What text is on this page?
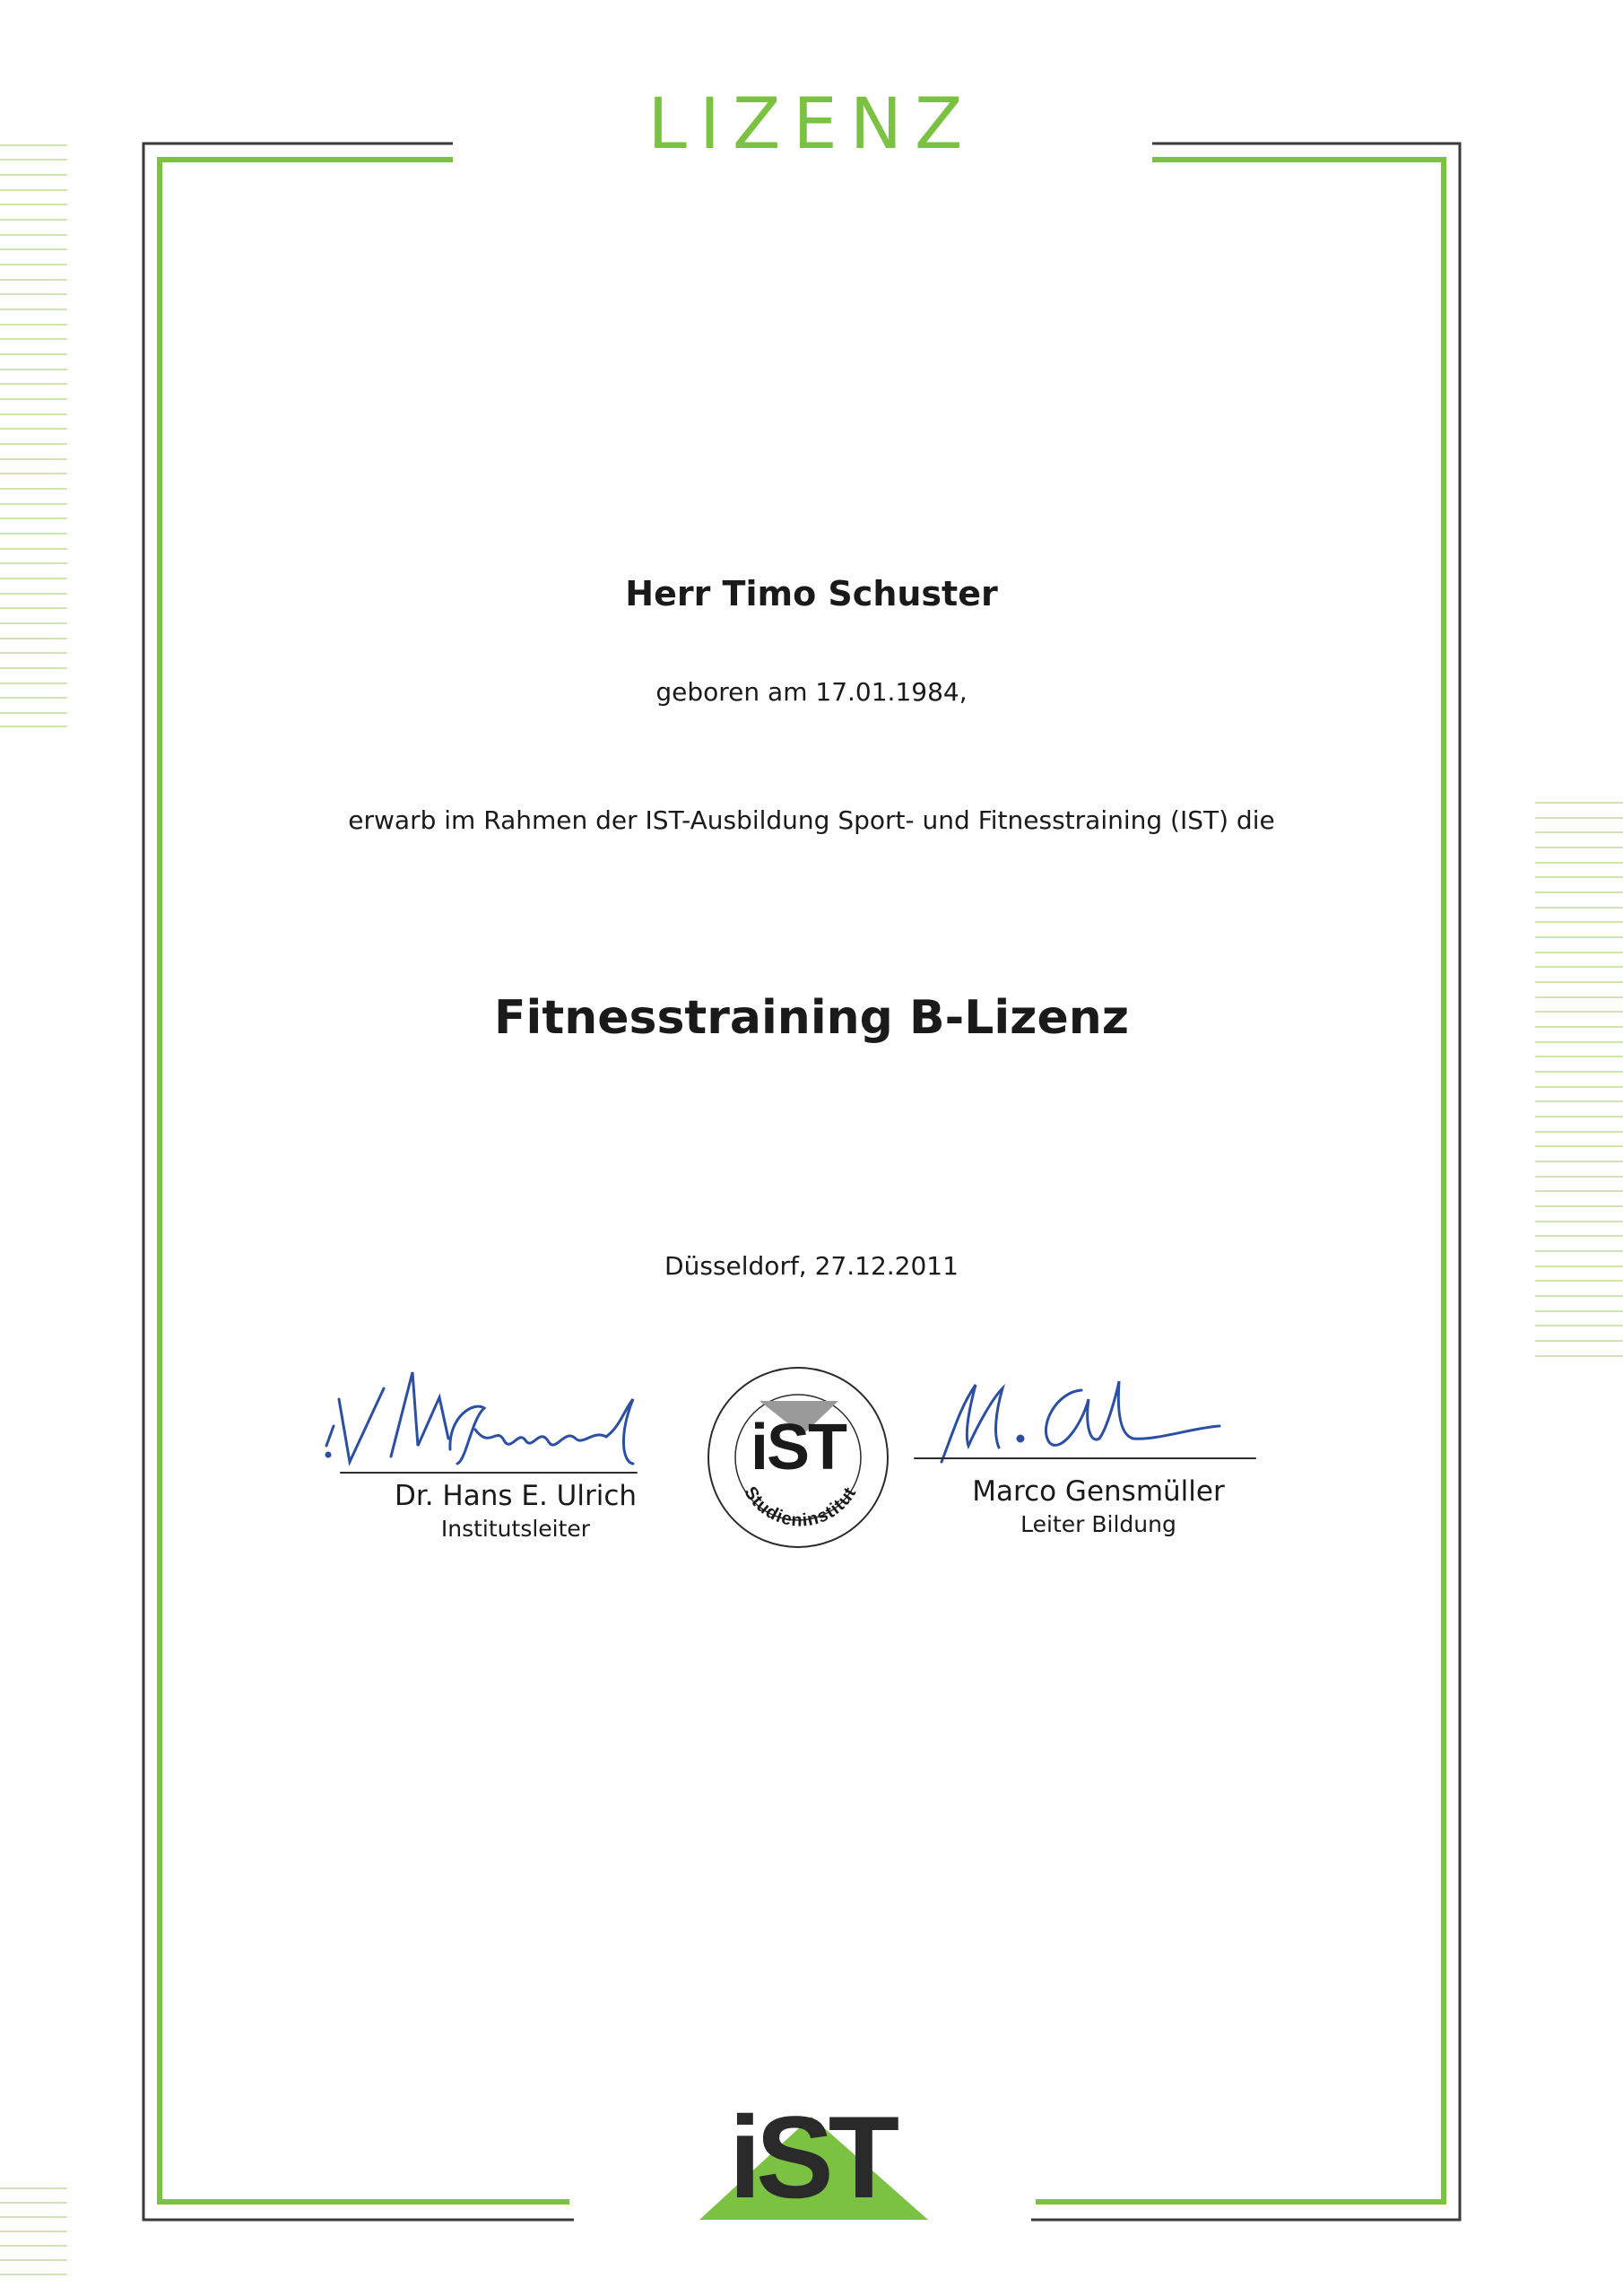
LIZENZ
Herr Timo Schuster
geboren am 17.01.1984,
erwarb im Rahmen der IST-Ausbildung Sport- und Fitnesstraining (IST) die
Fitnesstraining B-Lizenz
Düsseldorf, 27.12.2011
Dr. Hans E. Ulrich
Institutsleiter
Marco Gensmüller
Leiter Bildung
iST
Studieninstitut
iST
